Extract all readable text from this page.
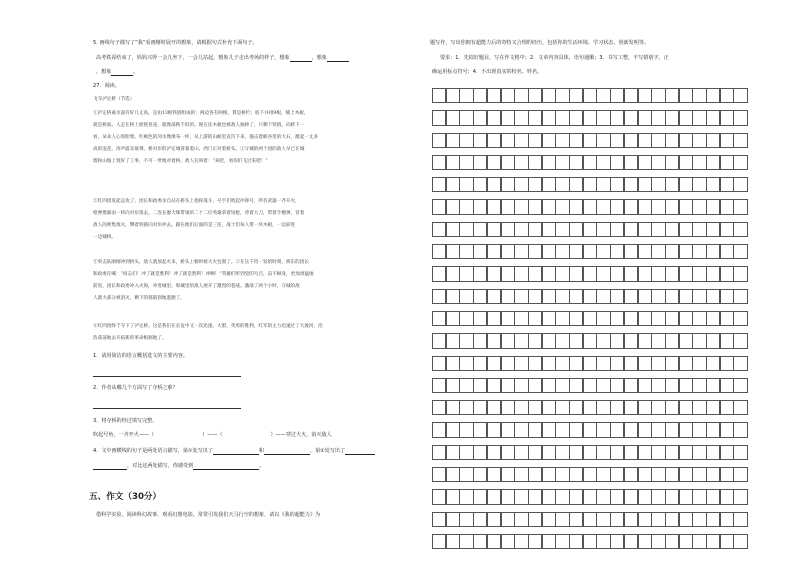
5. 画线句子描写了“我”看画掰时展开的想象，请根据句式补充下面句子。
高考铁哥结束了，妈妈兴得一会儿坐下，一会儿站起，想象儿子走出考场的样子，想象	，想象
，想象	。
27．阅读。
飞夺泸定桥（节选）
①泸定桥离水面有好几丈高，是由13根铁链组成的：两边各有两根，算是桥栏；底下并排9根，铺上木板，
就是桥面。人走在桥上摇摇晃晃，就像荡秋千似的。现在连木板也被敌人抽掉了，只剩下铁链。向桥下一
看，朵朵人心惊胆寒。红褐色的河水像瀑布一样，从上游的山峡里直泻下来，撞击着峡谷里的大石，激起一丈多
高的浪花，涛声震耳欲聋。桥对岸的泸定城背靠着山，西门正对着桥头。①守城的两个团的敌人早已在城
墙和山坡上筑好了工事，不可一世地对着桥。敌人狂叫着：“来吧，看你们飞过来吧！”
②红四团发起总攻了，团长和政委亲自站在桥头上指挥战斗，号手们吹起冲锋号，所有武器一齐开火，
枪弹像暴雨一样向对岸泼去。二连长廖大珠带领的二十二位英雄拿着短枪，背着大刀，带着手榴弹，冒着
敌人的密集炮火，攀着铁链向对岸冲去。跟在他们后面的是三连，战士们每人带一块木板，一边前进
一边铺桥。
③突击队刚刚冲到桥头，敌人就放起火来，桥头上顿时被大火包围了。②在这千钧一发的时刻，桥东的团长
和政委在喊：“同志们！冲了就是胜利！冲了就是胜利！冲啊！”英雄们听到党的号召，奋不顾身，更加勇猛地
前进。团长和政委冲入火海，冲进城里。和城里的敌人展开了激烈的巷战。激战了两个小时，守城的敌
人就大部分被消灭，剩下的都狼狈地逃跑了。
④红四团终于夺下了泸定桥。这是我们在长征中又一次迅速、大胆、英勇的胜利，红军的主力迅速过了大渡河，浩
浩荡荡地去开拓新的革命根据地了。
1．请用简洁的语言概括选文的主要内容。
2．作者从哪几个方面写了夺桥之难？
3．将夺桥的经过填写完整。
吹起号角，一齐开火——（	）——（	）——穿过大火，消灭敌人
4．文中画横线的句子是两处语言描写，第①处写出了	和	，第②处写出了
，对比这两处描写，你感受到	。
五、作文（30分）
借科学实验，阅读科幻故事，观看幻想电影，常常引发我们天马行空的想象，请以《我的超能力》为
题写作，写出你拥有超能力后的奇特又合理的经历，包括你的生活环境、学习状态、创新发明等。
要求：1．先拟好题目，写在作文格中；2．文章内容具体，语句通顺；3．书写工整，不写错别字，正
确运用标点符号；4．不出现真实的校名、姓名。
